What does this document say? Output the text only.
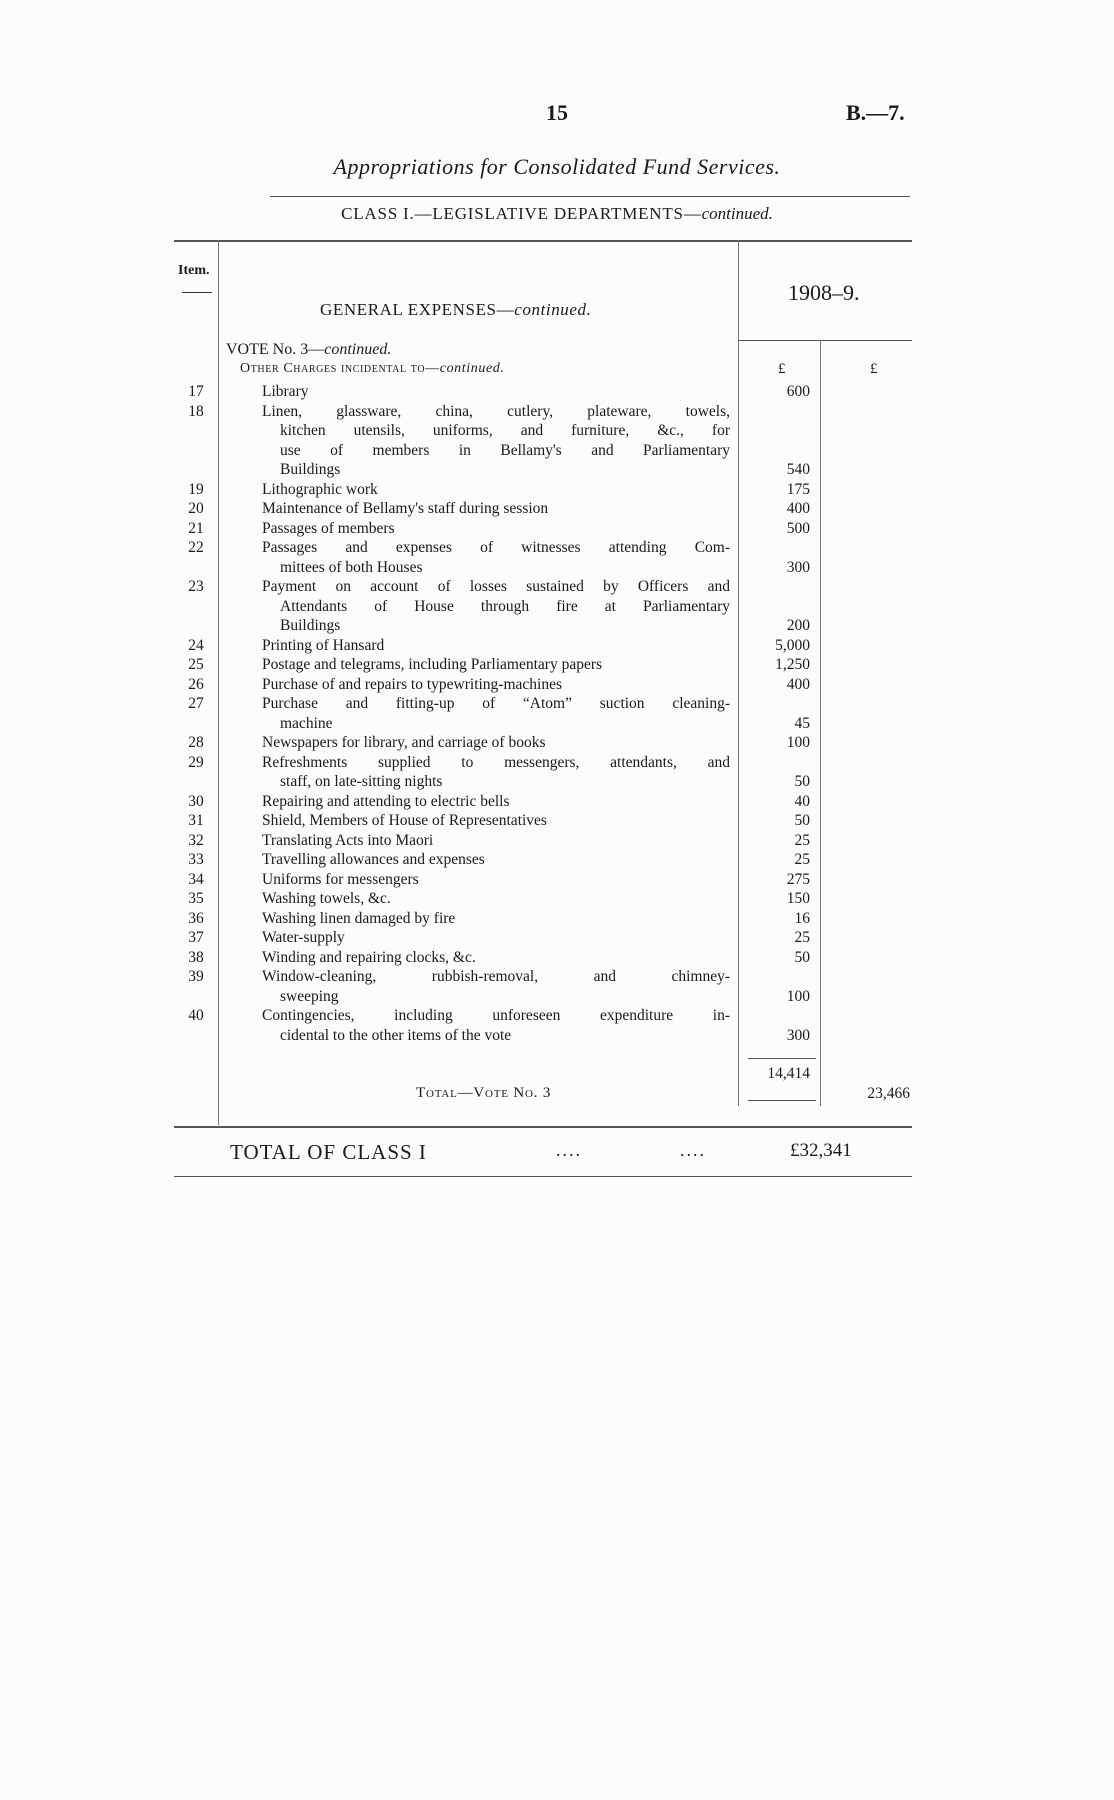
15	B.—7.
Appropriations for Consolidated Fund Services.
CLASS I.—LEGISLATIVE DEPARTMENTS—continued.
Item.
GENERAL EXPENSES—continued.
1908–9.
VOTE No. 3—continued.
Other Charges incidental to—continued.	£	£
17	Library	600
18	Linen, glassware, china, cutlery, plateware, towels,
kitchen utensils, uniforms, and furniture, &c., for
use of members in Bellamy's and Parliamentary
Buildings	540
19	Lithographic work	175
20	Maintenance of Bellamy's staff during session	400
21	Passages of members	500
22	Passages and expenses of witnesses attending Com-
mittees of both Houses	300
23	Payment on account of losses sustained by Officers and
Attendants of House through fire at Parliamentary
Buildings	200
24	Printing of Hansard	5,000
25	Postage and telegrams, including Parliamentary papers	1,250
26	Purchase of and repairs to typewriting-machines	400
27	Purchase and fitting-up of “Atom” suction cleaning-
machine	45
28	Newspapers for library, and carriage of books	100
29	Refreshments supplied to messengers, attendants, and
staff, on late-sitting nights	50
30	Repairing and attending to electric bells	40
31	Shield, Members of House of Representatives	50
32	Translating Acts into Maori	25
33	Travelling allowances and expenses	25
34	Uniforms for messengers	275
35	Washing towels, &c.	150
36	Washing linen damaged by fire	16
37	Water-supply	25
38	Winding and repairing clocks, &c.	50
39	Window-cleaning, rubbish-removal, and chimney-
sweeping	100
40	Contingencies, including unforeseen expenditure in-
cidental to the other items of the vote	300
14,414
Total—Vote No. 3	23,466
TOTAL OF CLASS I	....	....	£32,341
